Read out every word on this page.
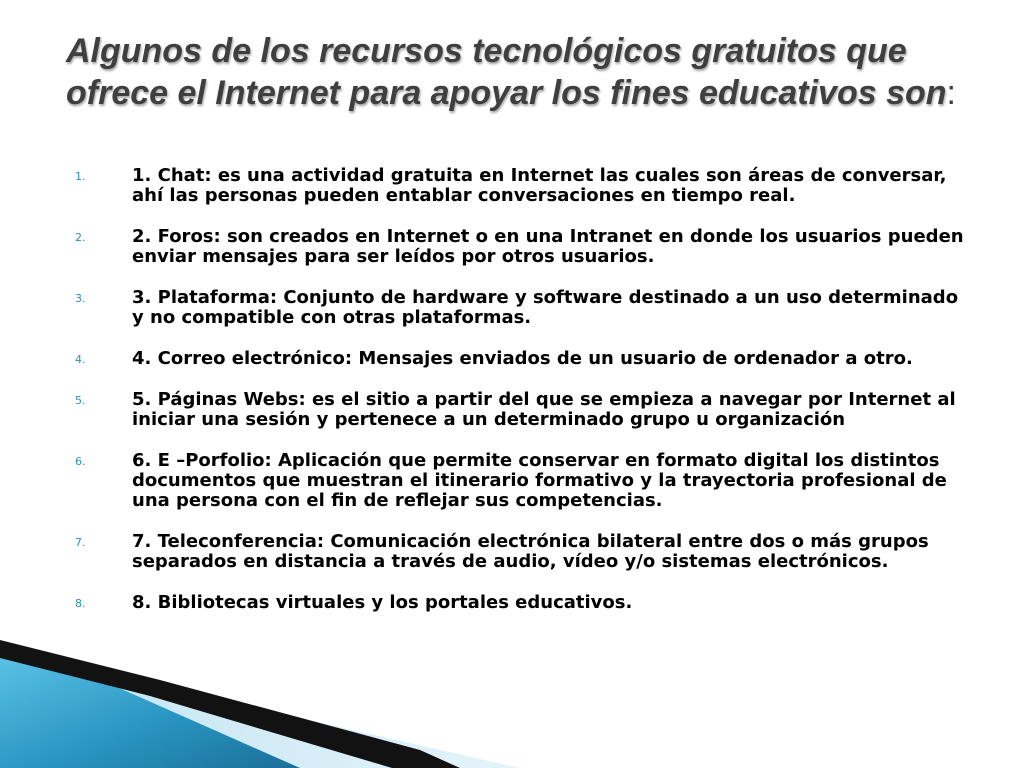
Algunos de los recursos tecnológicos gratuitos que ofrece el Internet para apoyar los fines educativos son:
1.	1. Chat: es una actividad gratuita en Internet las cuales son áreas de conversar, ahí las personas pueden entablar conversaciones en tiempo real.
2.	2. Foros: son creados en Internet o en una Intranet en donde los usuarios pueden enviar mensajes para ser leídos por otros usuarios.
3.	3. Plataforma: Conjunto de hardware y software destinado a un uso determinado y no compatible con otras plataformas.
4.	4. Correo electrónico: Mensajes enviados de un usuario de ordenador a otro.
5.	5. Páginas Webs: es el sitio a partir del que se empieza a navegar por Internet al iniciar una sesión y pertenece a un determinado grupo u organización
6.	6. E –Porfolio: Aplicación que permite conservar en formato digital los distintos documentos que muestran el itinerario formativo y la trayectoria profesional de una persona con el fin de reflejar sus competencias.
7.	7. Teleconferencia: Comunicación electrónica bilateral entre dos o más grupos separados en distancia a través de audio, vídeo y/o sistemas electrónicos.
8.	8. Bibliotecas virtuales y los portales educativos.
